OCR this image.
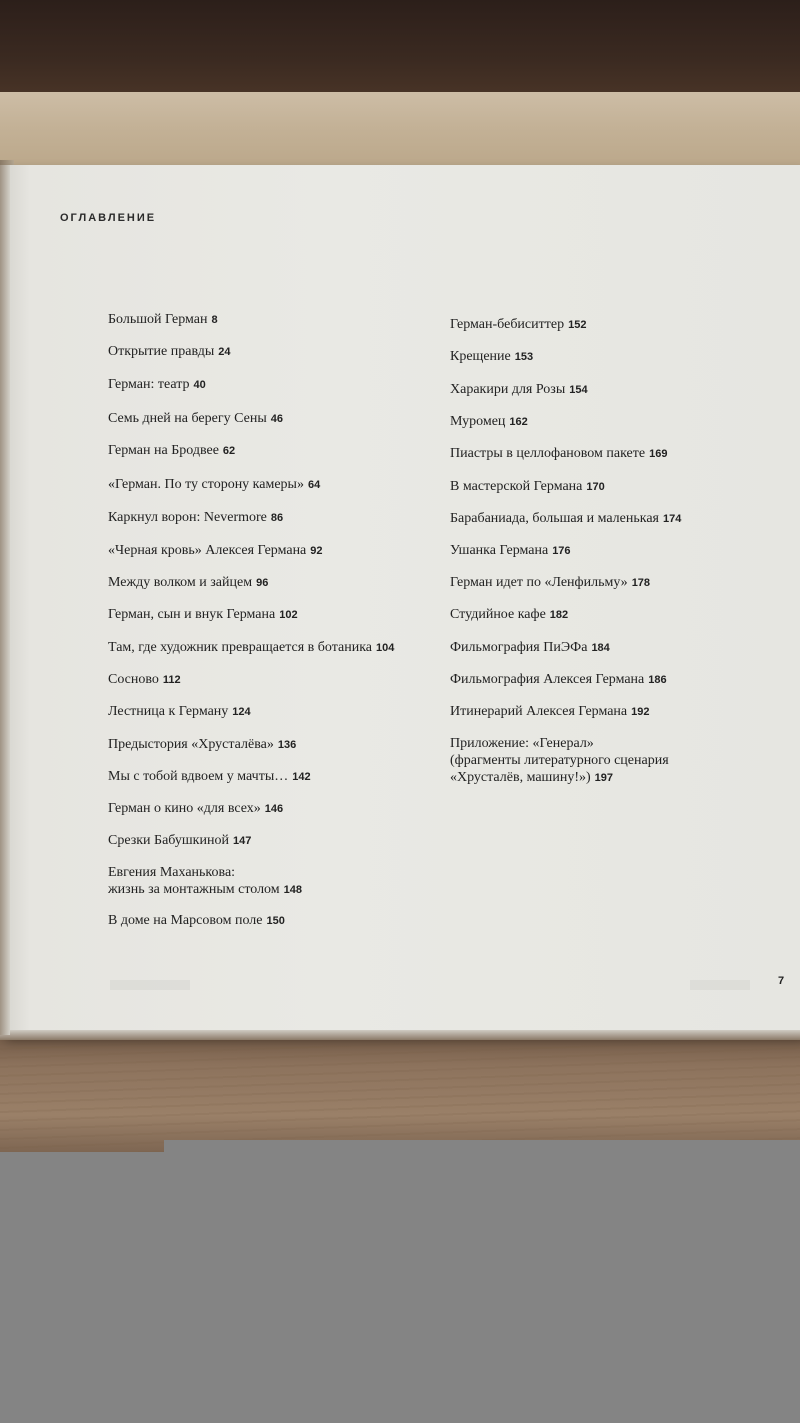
ОГЛАВЛЕНИЕ
Большой Герман 8
Открытие правды 24
Герман: театр 40
Семь дней на берегу Сены 46
Герман на Бродвее 62
«Герман. По ту сторону камеры» 64
Каркнул ворон: Nevermore 86
«Черная кровь» Алексея Германа 92
Между волком и зайцем 96
Герман, сын и внук Германа 102
Там, где художник превращается в ботаника 104
Сосново 112
Лестница к Герману 124
Предыстория «Хрусталёва» 136
Мы с тобой вдвоем у мачты… 142
Герман о кино «для всех» 146
Срезки Бабушкиной 147
Евгения Маханькова:
жизнь за монтажным столом 148
В доме на Марсовом поле 150
Герман-бебиситтер 152
Крещение 153
Харакири для Розы 154
Муромец 162
Пиастры в целлофановом пакете 169
В мастерской Германа 170
Барабаниада, большая и маленькая 174
Ушанка Германа 176
Герман идет по «Ленфильму» 178
Студийное кафе 182
Фильмография ПиЭФа 184
Фильмография Алексея Германа 186
Итинерарий Алексея Германа 192
Приложение: «Генерал»
(фрагменты литературного сценария
«Хрусталёв, машину!») 197
7
